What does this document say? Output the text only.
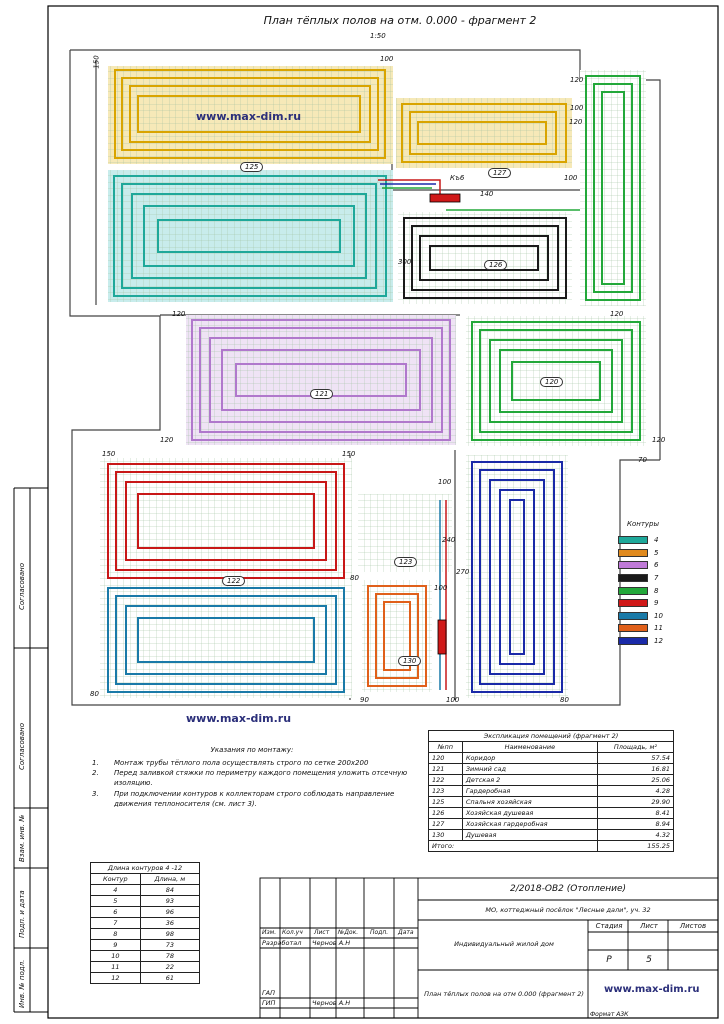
План тёплых полов на отм. 0.000 - фрагмент 2
1:50
125
127
126
121
120
122
123
130
Къ6
100
150
120
100
100
120
300
140
120
150	150
100
120
100
240
270
80
70
120
80
90	100
80
120
www.max-dim.ru
www.max-dim.ru
Контуры
4
5
6
7
8
9
10
11
12
Указания по монтажу:
1.	Монтаж трубы тёплого пола осуществлять строго по сетке 200х200
2.	Перед заливкой стяжки по периметру каждого помещения уложить отсечную изоляцию.
3.	При подключении контуров к коллекторам строго соблюдать направление движения теплоносителя (см. лист 3).
Экспликация помещений (фрагмент 2)		
№пп	Наименование	Площадь, м²
120	Коридор	57.54
121	Зимний сад	16.81
122	Детская 2	25.06
123	Гардеробная	4.28
125	Спальня хозяйская	29.90
126	Хозяйская душевая	8.41
127	Хозяйская гардеробная	8.94
130	Душевая	4.32
Итого:		155.25
Длина контуров 4 -12	
Контур	Длина, м
4	84
5	93
6	96
7	36
8	98
9	73
10	78
11	22
12	61
2/2018-ОВ2 (Отопление)
МО, коттеджный посёлок "Лесные дали", уч. 32
Индивидуальный жилой дом
План тёплых полов на отм 0.000 (фрагмент 2)
Изм. Кол.уч	Лист	№Док.	Подп.	Дата
Разработал Чернов А.Н
ГАП
ГИП	Чернов А.Н
Стадия	Лист	Листов
Р	5
www.max-dim.ru
Формат А3К
Согласовано
Согласовано
Взам. инв. №
Подп. и дата
Инв. № подл.
